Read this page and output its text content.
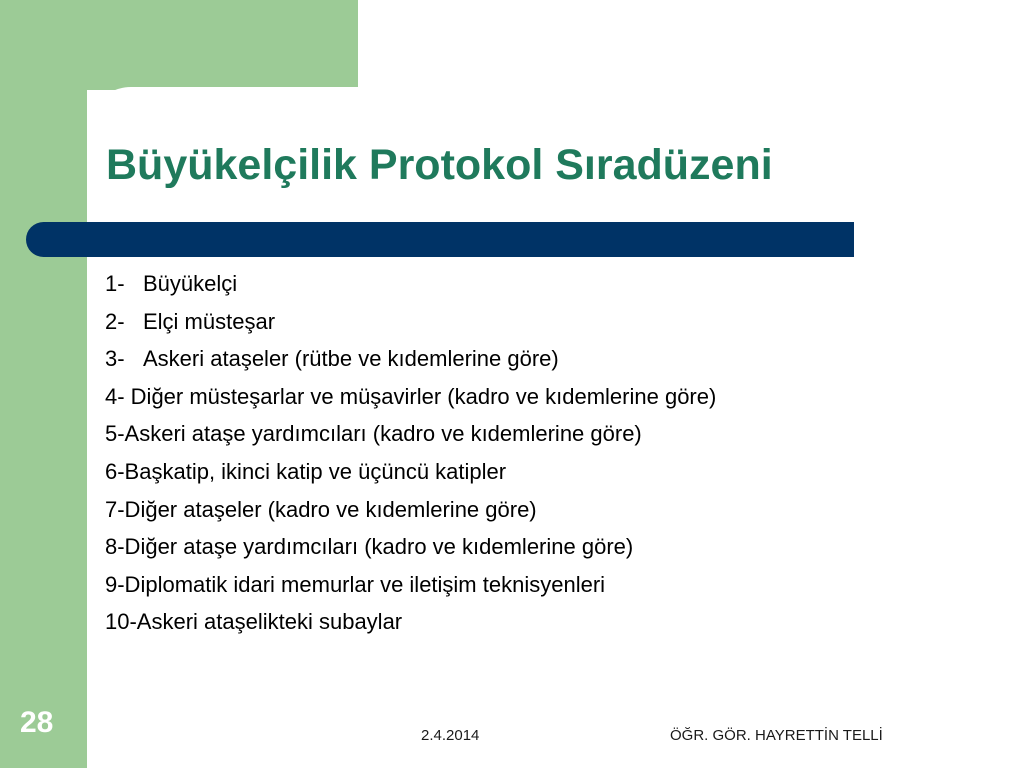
Büyükelçilik Protokol Sıradüzeni
1- Büyükelçi
2- Elçi müsteşar
3- Askeri ataşeler (rütbe ve kıdemlerine göre)
4- Diğer müsteşarlar ve müşavirler (kadro ve kıdemlerine göre)
5-Askeri ataşe yardımcıları (kadro ve kıdemlerine göre)
6-Başkatip, ikinci katip ve üçüncü katipler
7-Diğer ataşeler (kadro ve kıdemlerine göre)
8-Diğer ataşe yardımcıları (kadro ve kıdemlerine göre)
9-Diplomatik idari memurlar ve iletişim teknisyenleri
10-Askeri ataşelikteki subaylar
28	2.4.2014	ÖĞR. GÖR. HAYRETTİN TELLİ
